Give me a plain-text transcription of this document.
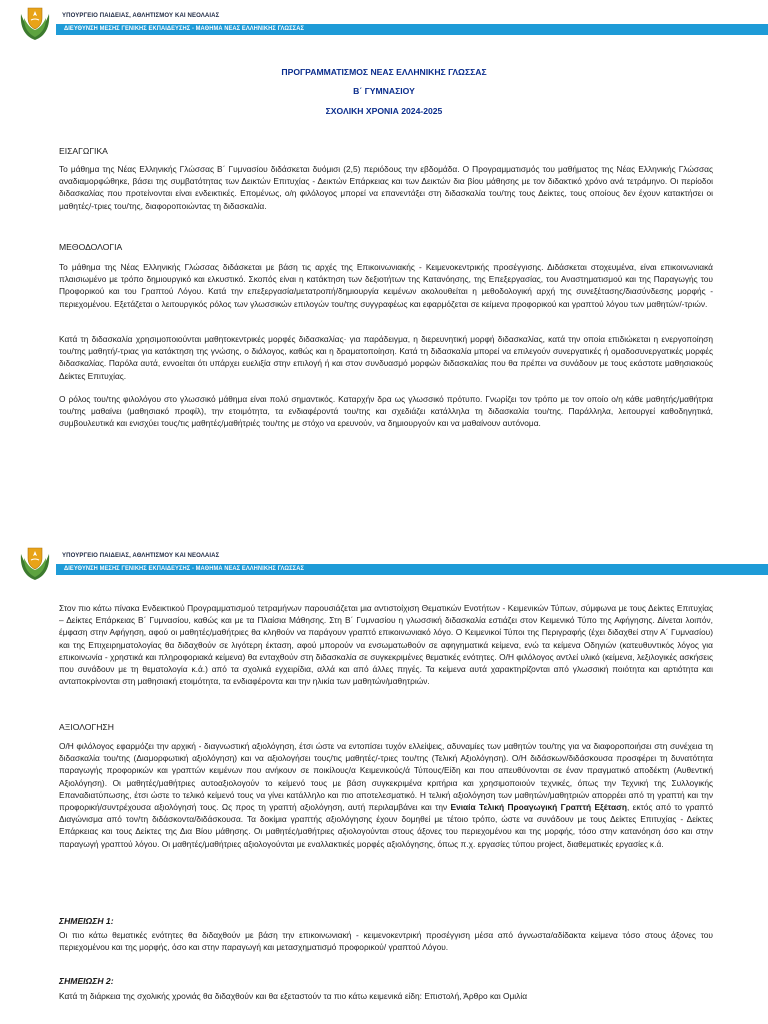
ΥΠΟΥΡΓΕΙΟ ΠΑΙΔΕΙΑΣ, ΑΘΛΗΤΙΣΜΟΥ ΚΑΙ ΝΕΟΛΑΙΑΣ
ΔΙΕΥΘΥΝΣΗ ΜΕΣΗΣ ΓΕΝΙΚΗΣ ΕΚΠΑΙΔΕΥΣΗΣ - ΜΑΘΗΜΑ ΝΕΑΣ ΕΛΛΗΝΙΚΗΣ ΓΛΩΣΣΑΣ
ΠΡΟΓΡΑΜΜΑΤΙΣΜΟΣ ΝΕΑΣ ΕΛΛΗΝΙΚΗΣ ΓΛΩΣΣΑΣ
Β΄ ΓΥΜΝΑΣΙΟΥ
ΣΧΟΛΙΚΗ ΧΡΟΝΙΑ 2024-2025
ΕΙΣΑΓΩΓΙΚΑ
Το μάθημα της Νέας Ελληνικής Γλώσσας Β΄ Γυμνασίου διδάσκεται δυόμισι (2,5) περιόδους την εβδομάδα. Ο Προγραμματισμός του μαθήματος της Νέας Ελληνικής Γλώσσας αναδιαμορφώθηκε, βάσει της συμβατότητας των Δεικτών Επιτυχίας - Δεικτών Επάρκειας και των Δεικτών δια βίου μάθησης με τον διδακτικό χρόνο ανά τετράμηνο. Οι περίοδοι διδασκαλίας που προτείνονται είναι ενδεικτικές. Επομένως, ο/η φιλόλογος μπορεί να επανεντάξει στη διδασκαλία του/της τους Δείκτες, τους οποίους δεν έχουν κατακτήσει οι μαθητές/-τριες του/της, διαφοροποιώντας τη διδασκαλία.
ΜΕΘΟΔΟΛΟΓΙΑ
Το μάθημα της Νέας Ελληνικής Γλώσσας διδάσκεται με βάση τις αρχές της Επικοινωνιακής - Κειμενοκεντρικής προσέγγισης. Διδάσκεται στοχευμένα, είναι επικοινωνιακά πλαισιωμένο με τρόπο δημιουργικό και ελκυστικό. Σκοπός είναι η κατάκτηση των δεξιοτήτων της Κατανόησης, της Επεξεργασίας, του Αναστηματισμού και της Παραγωγής του Προφορικού και του Γραπτού Λόγου. Κατά την επεξεργασία/μετατροπή/δημιουργία κειμένων ακολουθείται η μεθοδολογική αρχή της συνεξέτασης/διασύνδεσης μορφής - περιεχομένου. Εξετάζεται ο λειτουργικός ρόλος των γλωσσικών επιλογών του/της συγγραφέως και εφαρμόζεται σε κείμενα προφορικού και γραπτού λόγου των μαθητών/-τριών.
Κατά τη διδασκαλία χρησιμοποιούνται μαθητοκεντρικές μορφές διδασκαλίας· για παράδειγμα, η διερευνητική μορφή διδασκαλίας, κατά την οποία επιδιώκεται η ενεργοποίηση του/της μαθητή/-τριας για κατάκτηση της γνώσης, ο διάλογος, καθώς και η δραματοποίηση. Κατά τη διδασκαλία μπορεί να επιλεγούν συνεργατικές ή ομαδοσυνεργατικές μορφές διδασκαλίας. Παρόλα αυτά, εννοείται ότι υπάρχει ευελιξία στην επιλογή ή και στον συνδυασμό μορφών διδασκαλίας που θα πρέπει να συνάδουν με τους εκάστοτε μαθησιακούς Δείκτες Επιτυχίας.
Ο ρόλος του/της φιλολόγου στο γλωσσικό μάθημα είναι πολύ σημαντικός. Καταρχήν δρα ως γλωσσικό πρότυπο. Γνωρίζει τον τρόπο με τον οποίο ο/η κάθε μαθητής/μαθήτρια του/της μαθαίνει (μαθησιακό προφίλ), την ετοιμότητα, τα ενδιαφέροντά του/της και σχεδιάζει κατάλληλα τη διδασκαλία του/της. Παράλληλα, λειτουργεί καθοδηγητικά, συμβουλευτικά και ενισχύει τους/τις μαθητές/μαθήτριές του/της με στόχο να ερευνούν, να δημιουργούν και να μαθαίνουν αυτόνομα.
ΥΠΟΥΡΓΕΙΟ ΠΑΙΔΕΙΑΣ, ΑΘΛΗΤΙΣΜΟΥ ΚΑΙ ΝΕΟΛΑΙΑΣ
ΔΙΕΥΘΥΝΣΗ ΜΕΣΗΣ ΓΕΝΙΚΗΣ ΕΚΠΑΙΔΕΥΣΗΣ - ΜΑΘΗΜΑ ΝΕΑΣ ΕΛΛΗΝΙΚΗΣ ΓΛΩΣΣΑΣ
Στον πιο κάτω πίνακα Ενδεικτικού Προγραμματισμού τετραμήνων παρουσιάζεται μια αντιστοίχιση Θεματικών Ενοτήτων - Κειμενικών Τύπων, σύμφωνα με τους Δείκτες Επιτυχίας – Δείκτες Επάρκειας Β΄ Γυμνασίου, καθώς και με τα Πλαίσια Μάθησης. Στη Β΄ Γυμνασίου η γλωσσική διδασκαλία εστιάζει στον Κειμενικό Τύπο της Αφήγησης. Δίνεται λοιπόν, έμφαση στην Αφήγηση, αφού οι μαθητές/μαθήτριες θα κληθούν να παράγουν γραπτό επικοινωνιακό λόγο. Ο Κειμενικοί Τύποι της Περιγραφής (έχει διδαχθεί στην Α΄ Γυμνασίου) και της Επιχειρηματολογίας θα διδαχθούν σε λιγότερη έκταση, αφού μπορούν να ενσωματωθούν σε αφηγηματικά κείμενα, ενώ τα κείμενα Οδηγιών (κατευθυντικός λόγος για επικοινωνία - χρηστικά και πληροφοριακά κείμενα) θα ενταχθούν στη διδασκαλία σε συγκεκριμένες θεματικές ενότητες. Ο/Η φιλόλογος αντλεί υλικό (κείμενα, λεξιλογικές ασκήσεις που συνάδουν με τη θεματολογία κ.ά.) από τα σχολικά εγχειρίδια, αλλά και από άλλες πηγές. Τα κείμενα αυτά χαρακτηρίζονται από γλωσσική ποιότητα και αρτιότητα και ανταποκρίνονται στη μαθησιακή ετοιμότητα, τα ενδιαφέροντα και την ηλικία των μαθητών/μαθητριών.
ΑΞΙΟΛΟΓΗΣΗ
Ο/Η φιλόλογος εφαρμόζει την αρχική - διαγνωστική αξιολόγηση, έτσι ώστε να εντοπίσει τυχόν ελλείψεις, αδυναμίες των μαθητών του/της για να διαφοροποιήσει στη συνέχεια τη διδασκαλία του/της (Διαμορφωτική αξιολόγηση) και να αξιολογήσει τους/τις μαθητές/-τριες του/της (Τελική Αξιολόγηση). Ο/Η διδάσκων/διδάσκουσα προσφέρει τη δυνατότητα παραγωγής προφορικών και γραπτών κειμένων που ανήκουν σε ποικίλους/α Κειμενικούς/ά Τύπους/Είδη και που απευθύνονται σε έναν πραγματικό αποδέκτη (Αυθεντική Αξιολόγηση). Οι μαθητές/μαθήτριες αυτοαξιολογούν το κείμενό τους με βάση συγκεκριμένα κριτήρια και χρησιμοποιούν τεχνικές, όπως την Τεχνική της Συλλογικής Επαναδιατύπωσης, έτσι ώστε το τελικό κείμενό τους να γίνει κατάλληλο και πιο αποτελεσματικό. Η τελική αξιολόγηση των μαθητών/μαθητριών απορρέει από τη γραπτή και την προφορική/συντρέχουσα αξιολόγησή τους. Ως προς τη γραπτή αξιολόγηση, αυτή περιλαμβάνει και την Ενιαία Τελική Προαγωγική Γραπτή Εξέταση, εκτός από το γραπτό Διαγώνισμα από τον/τη διδάσκοντα/διδάσκουσα. Τα δοκίμια γραπτής αξιολόγησης έχουν δομηθεί με τέτοιο τρόπο, ώστε να συνάδουν με τους Δείκτες Επιτυχίας - Δείκτες Επάρκειας και τους Δείκτες της Δια Βίου μάθησης. Οι μαθητές/μαθήτριες αξιολογούνται στους άξονες του περιεχομένου και της μορφής, τόσο στην κατανόηση όσο και στην παραγωγή γραπτού λόγου. Οι μαθητές/μαθήτριες αξιολογούνται με εναλλακτικές μορφές αξιολόγησης, όπως π.χ. εργασίες τύπου project, διαθεματικές εργασίες κ.ά.
ΣΗΜΕΙΩΣΗ 1:
Οι πιο κάτω θεματικές ενότητες θα διδαχθούν με βάση την επικοινωνιακή - κειμενοκεντρική προσέγγιση μέσα από άγνωστα/αδίδακτα κείμενα τόσο στους άξονες του περιεχομένου και της μορφής, όσο και στην παραγωγή και μετασχηματισμό προφορικού/ γραπτού Λόγου.
ΣΗΜΕΙΩΣΗ 2:
Κατά τη διάρκεια της σχολικής χρονιάς θα διδαχθούν και θα εξεταστούν τα πιο κάτω κειμενικά είδη: Επιστολή, Άρθρο και Ομιλία
